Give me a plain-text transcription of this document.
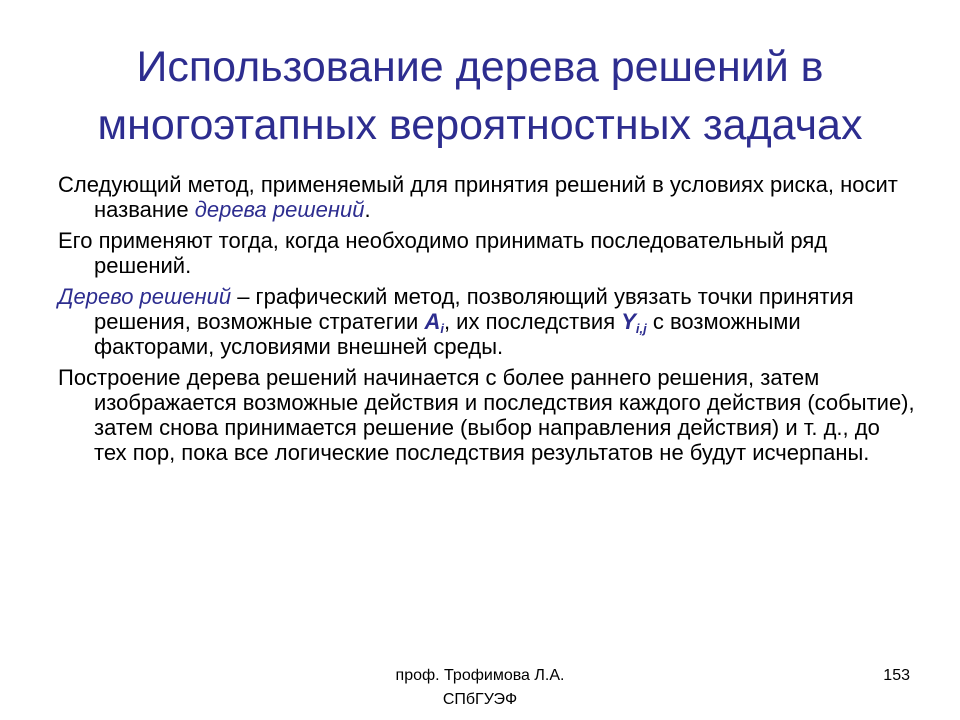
Использование дерева решений в
многоэтапных вероятностных задачах

Следующий метод, применяемый для принятия решений в условиях риска, носит название дерева решений.

Его применяют тогда, когда необходимо принимать последовательный ряд решений.

Дерево решений – графический метод, позволяющий увязать точки принятия решения, возможные стратегии $A_i$, их последствия $Y_{i,j}$ с возможными факторами, условиями внешней среды.

Построение дерева решений начинается с более раннего решения, затем изображается возможные действия и последствия каждого действия (событие), затем снова принимается решение (выбор направления действия) и т. д., до тех пор, пока все логические последствия результатов не будут исчерпаны.

проф. Трофимова Л.А.
СПбГУЭФ
153
